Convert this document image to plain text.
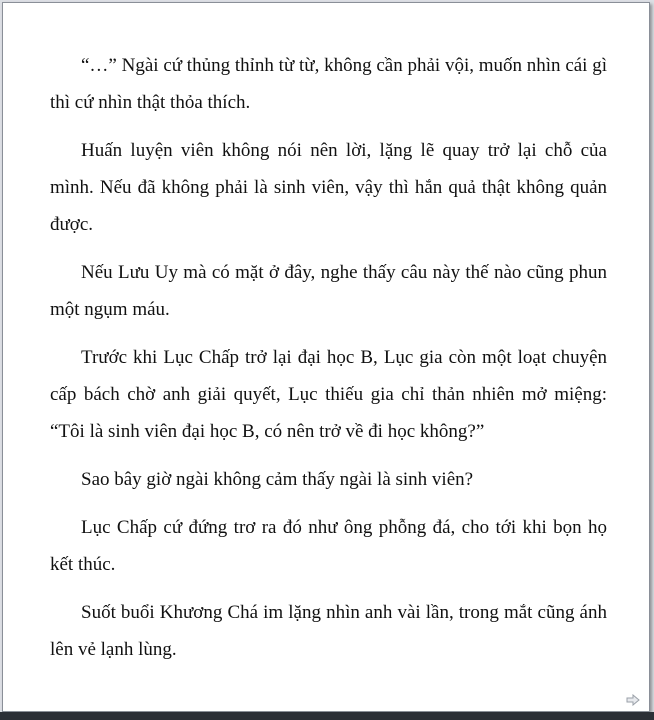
“…” Ngài cứ thủng thỉnh từ từ, không cần phải vội, muốn nhìn cái gì thì cứ nhìn thật thỏa thích.

Huấn luyện viên không nói nên lời, lặng lẽ quay trở lại chỗ của mình. Nếu đã không phải là sinh viên, vậy thì hắn quả thật không quản được.

Nếu Lưu Uy mà có mặt ở đây, nghe thấy câu này thế nào cũng phun một ngụm máu.

Trước khi Lục Chấp trở lại đại học B, Lục gia còn một loạt chuyện cấp bách chờ anh giải quyết, Lục thiếu gia chỉ thản nhiên mở miệng: “Tôi là sinh viên đại học B, có nên trở về đi học không?”

Sao bây giờ ngài không cảm thấy ngài là sinh viên?

Lục Chấp cứ đứng trơ ra đó như ông phỗng đá, cho tới khi bọn họ kết thúc.

Suốt buổi Khương Chá im lặng nhìn anh vài lần, trong mắt cũng ánh lên vẻ lạnh lùng.
